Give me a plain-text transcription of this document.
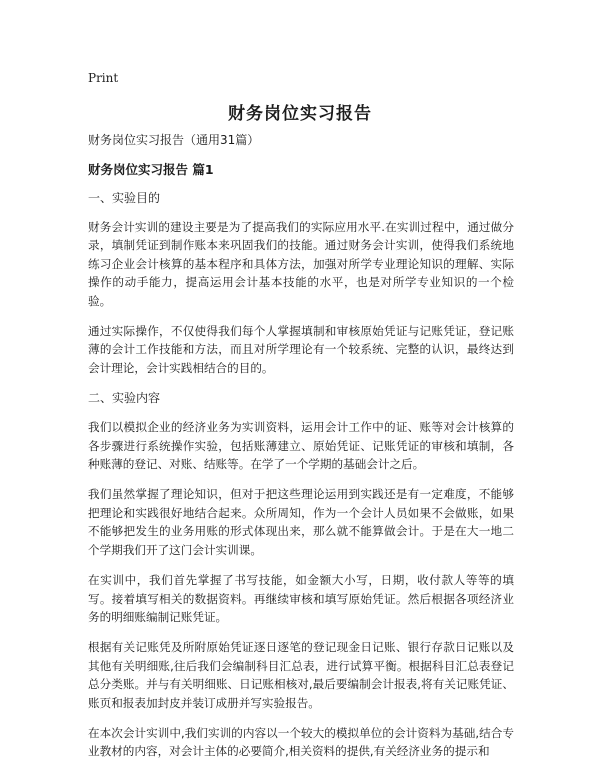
Print
财务岗位实习报告

财务岗位实习报告（通用31篇）

财务岗位实习报告 篇1

一、实验目的

财务会计实训的建设主要是为了提高我们的实际应用水平.在实训过程中，通过做分录，填制凭证到制作账本来巩固我们的技能。通过财务会计实训，使得我们系统地练习企业会计核算的基本程序和具体方法，加强对所学专业理论知识的理解、实际操作的动手能力，提高运用会计基本技能的水平，也是对所学专业知识的一个检验。

通过实际操作，不仅使得我们每个人掌握填制和审核原始凭证与记账凭证，登记账薄的会计工作技能和方法，而且对所学理论有一个较系统、完整的认识，最终达到会计理论，会计实践相结合的目的。

二、实验内容

我们以模拟企业的经济业务为实训资料，运用会计工作中的证、账等对会计核算的各步骤进行系统操作实验，包括账薄建立、原始凭证、记账凭证的审核和填制，各种账薄的登记、对账、结账等。在学了一个学期的基础会计之后。

我们虽然掌握了理论知识，但对于把这些理论运用到实践还是有一定难度，不能够把理论和实践很好地结合起来。众所周知，作为一个会计人员如果不会做账，如果不能够把发生的业务用账的形式体现出来，那么就不能算做会计。于是在大一地二个学期我们开了这门会计实训课。

在实训中，我们首先掌握了书写技能，如金额大小写，日期，收付款人等等的填写。接着填写相关的数据资料。再继续审核和填写原始凭证。然后根据各项经济业务的明细账编制记账凭证。

根据有关记账凭及所附原始凭证逐日逐笔的登记现金日记账、银行存款日记账以及其他有关明细账,往后我们会编制科目汇总表，进行试算平衡。根据科目汇总表登记总分类账。并与有关明细账、日记账相核对,最后要编制会计报表,将有关记账凭证、账页和报表加封皮并装订成册并写实验报告。

在本次会计实训中,我们实训的内容以一个较大的模拟单位的会计资料为基础,结合专业教材的内容，对会计主体的必要简介,相关资料的提供,有关经济业务的提示和
